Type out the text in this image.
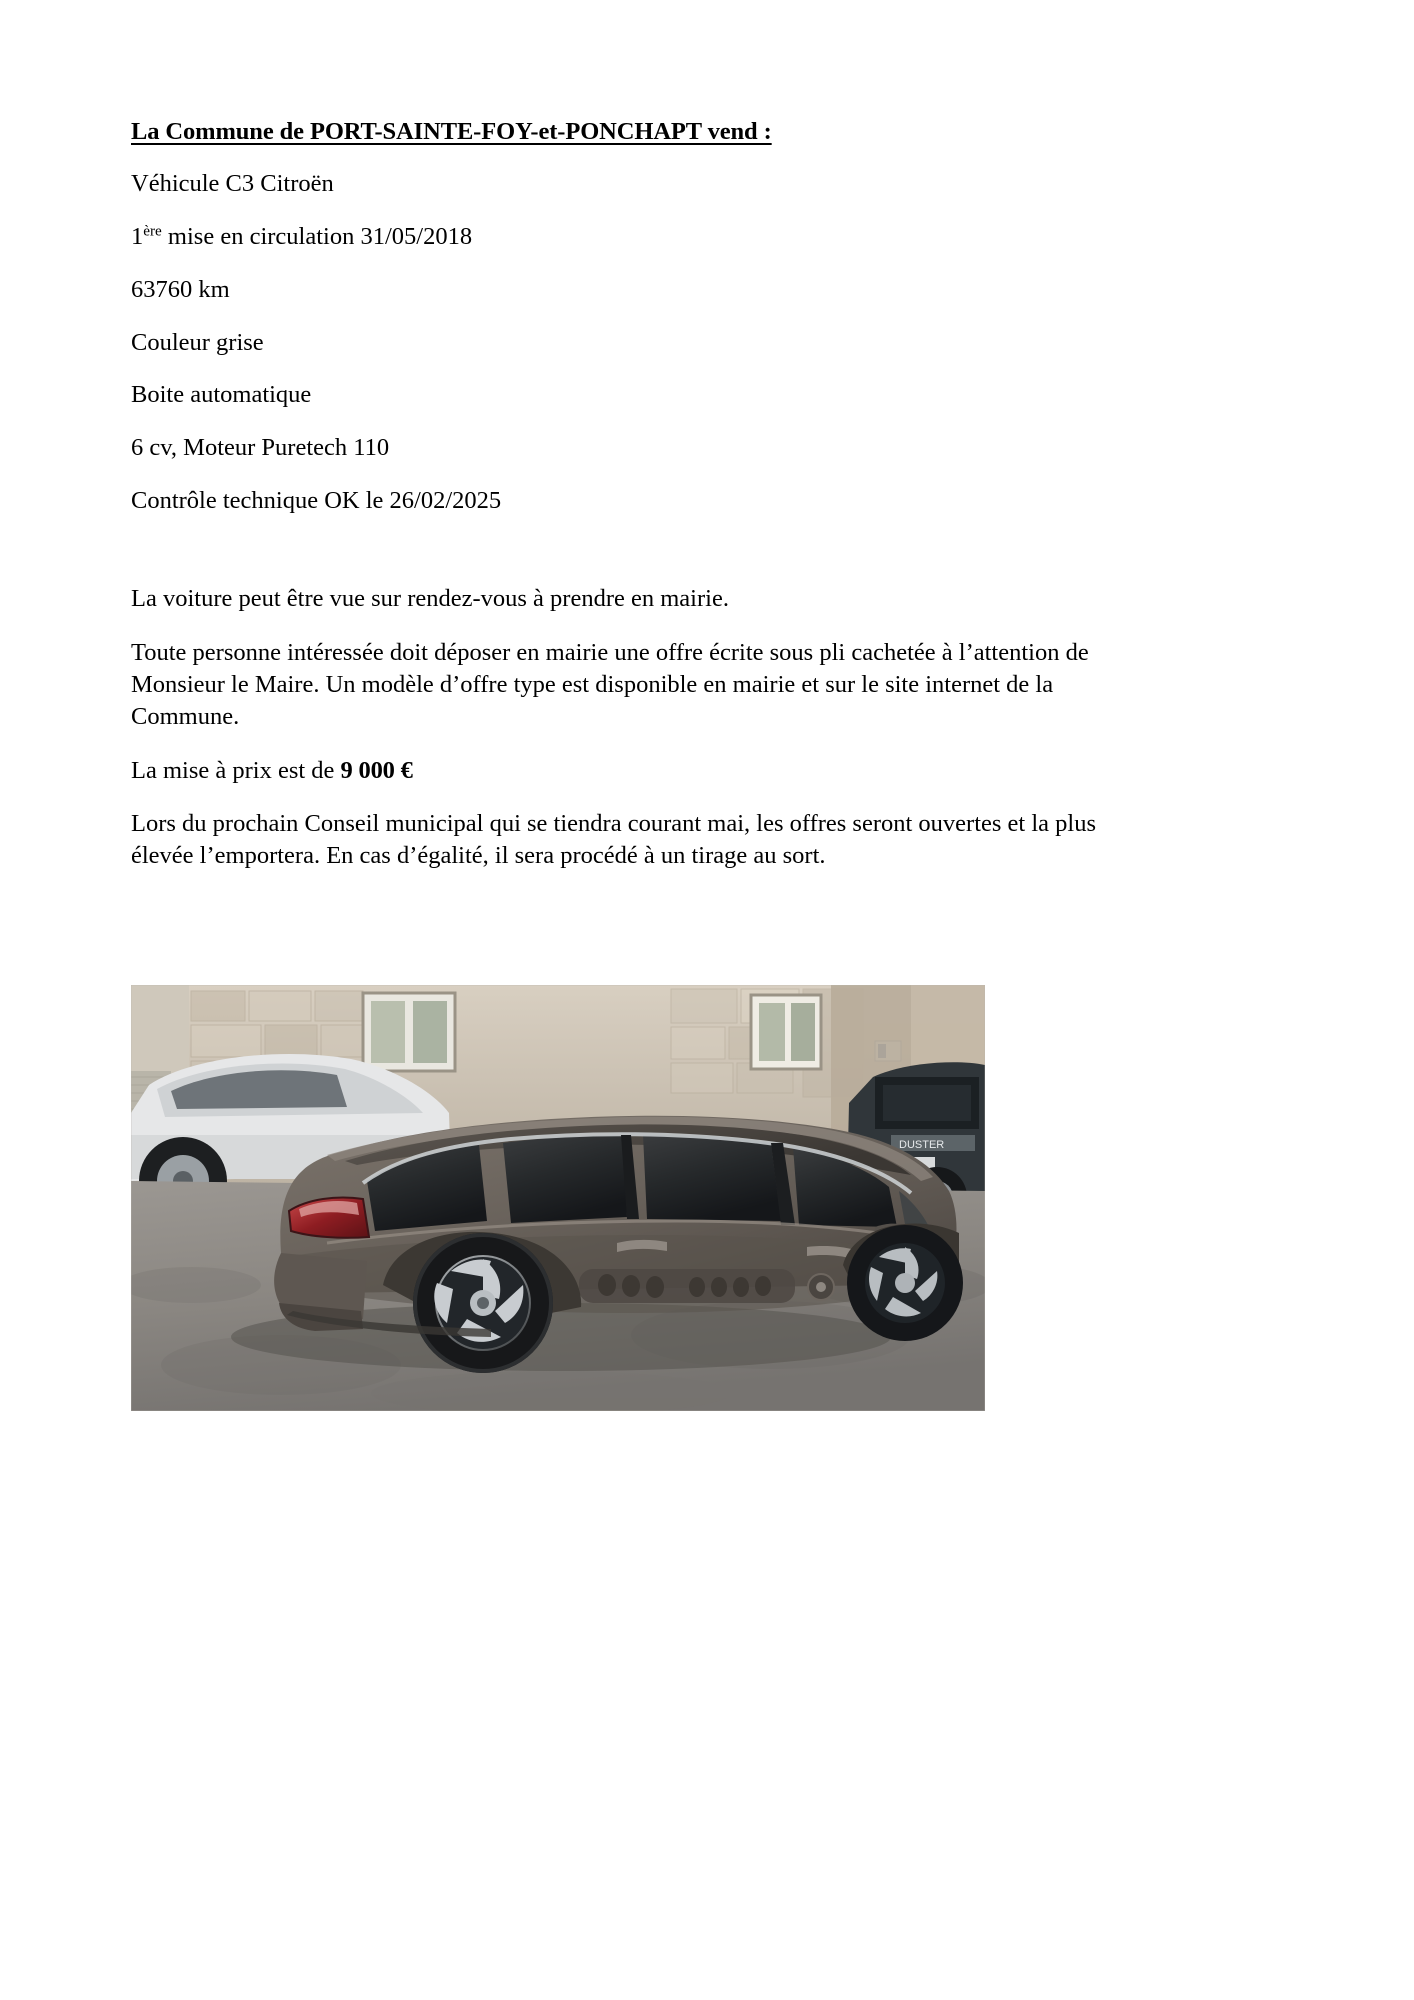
La Commune de PORT-SAINTE-FOY-et-PONCHAPT vend :
Véhicule C3 Citroën
1ère mise en circulation 31/05/2018
63760 km
Couleur grise
Boite automatique
6 cv, Moteur Puretech 110
Contrôle technique OK le 26/02/2025
La voiture peut être vue sur rendez-vous à prendre en mairie.
Toute personne intéressée doit déposer en mairie une offre écrite sous pli cachetée à l’attention de Monsieur le Maire. Un modèle d’offre type est disponible en mairie et sur le site internet de la Commune.
La mise à prix est de 9 000 €
Lors du prochain Conseil municipal qui se tiendra courant mai, les offres seront ouvertes et la plus élevée l’emportera. En cas d’égalité, il sera procédé à un tirage au sort.
DUSTER
